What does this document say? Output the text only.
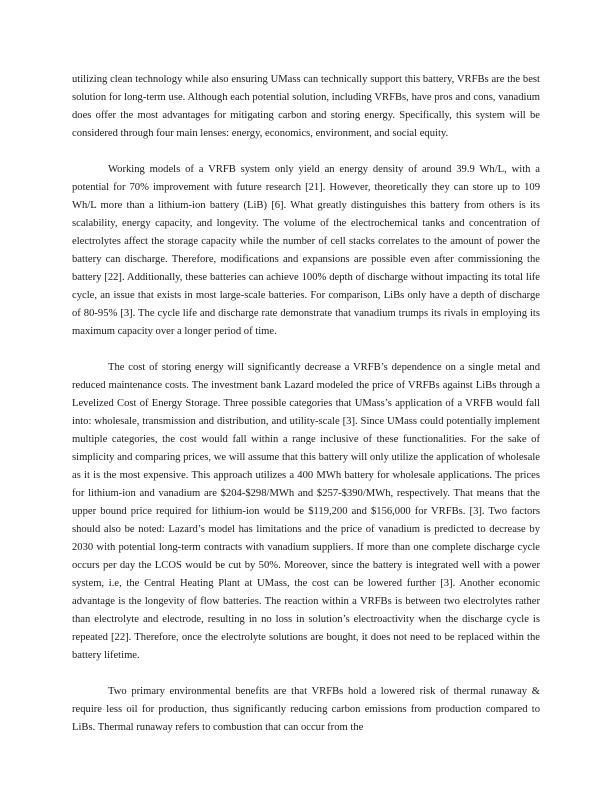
utilizing clean technology while also ensuring UMass can technically support this battery, VRFBs are the best solution for long-term use. Although each potential solution, including VRFBs, have pros and cons, vanadium does offer the most advantages for mitigating carbon and storing energy. Specifically, this system will be considered through four main lenses: energy, economics, environment, and social equity.

Working models of a VRFB system only yield an energy density of around 39.9 Wh/L, with a potential for 70% improvement with future research [21]. However, theoretically they can store up to 109 Wh/L more than a lithium-ion battery (LiB) [6]. What greatly distinguishes this battery from others is its scalability, energy capacity, and longevity. The volume of the electrochemical tanks and concentration of electrolytes affect the storage capacity while the number of cell stacks correlates to the amount of power the battery can discharge. Therefore, modifications and expansions are possible even after commissioning the battery [22]. Additionally, these batteries can achieve 100% depth of discharge without impacting its total life cycle, an issue that exists in most large-scale batteries. For comparison, LiBs only have a depth of discharge of 80-95% [3]. The cycle life and discharge rate demonstrate that vanadium trumps its rivals in employing its maximum capacity over a longer period of time.

The cost of storing energy will significantly decrease a VRFB’s dependence on a single metal and reduced maintenance costs. The investment bank Lazard modeled the price of VRFBs against LiBs through a Levelized Cost of Energy Storage. Three possible categories that UMass’s application of a VRFB would fall into: wholesale, transmission and distribution, and utility-scale [3]. Since UMass could potentially implement multiple categories, the cost would fall within a range inclusive of these functionalities. For the sake of simplicity and comparing prices, we will assume that this battery will only utilize the application of wholesale as it is the most expensive. This approach utilizes a 400 MWh battery for wholesale applications. The prices for lithium-ion and vanadium are $204-$298/MWh and $257-$390/MWh, respectively. That means that the upper bound price required for lithium-ion would be $119,200 and $156,000 for VRFBs. [3]. Two factors should also be noted: Lazard’s model has limitations and the price of vanadium is predicted to decrease by 2030 with potential long-term contracts with vanadium suppliers. If more than one complete discharge cycle occurs per day the LCOS would be cut by 50%. Moreover, since the battery is integrated well with a power system, i.e, the Central Heating Plant at UMass, the cost can be lowered further [3]. Another economic advantage is the longevity of flow batteries. The reaction within a VRFBs is between two electrolytes rather than electrolyte and electrode, resulting in no loss in solution’s electroactivity when the discharge cycle is repeated [22]. Therefore, once the electrolyte solutions are bought, it does not need to be replaced within the battery lifetime.

Two primary environmental benefits are that VRFBs hold a lowered risk of thermal runaway & require less oil for production, thus significantly reducing carbon emissions from production compared to LiBs. Thermal runaway refers to combustion that can occur from the
